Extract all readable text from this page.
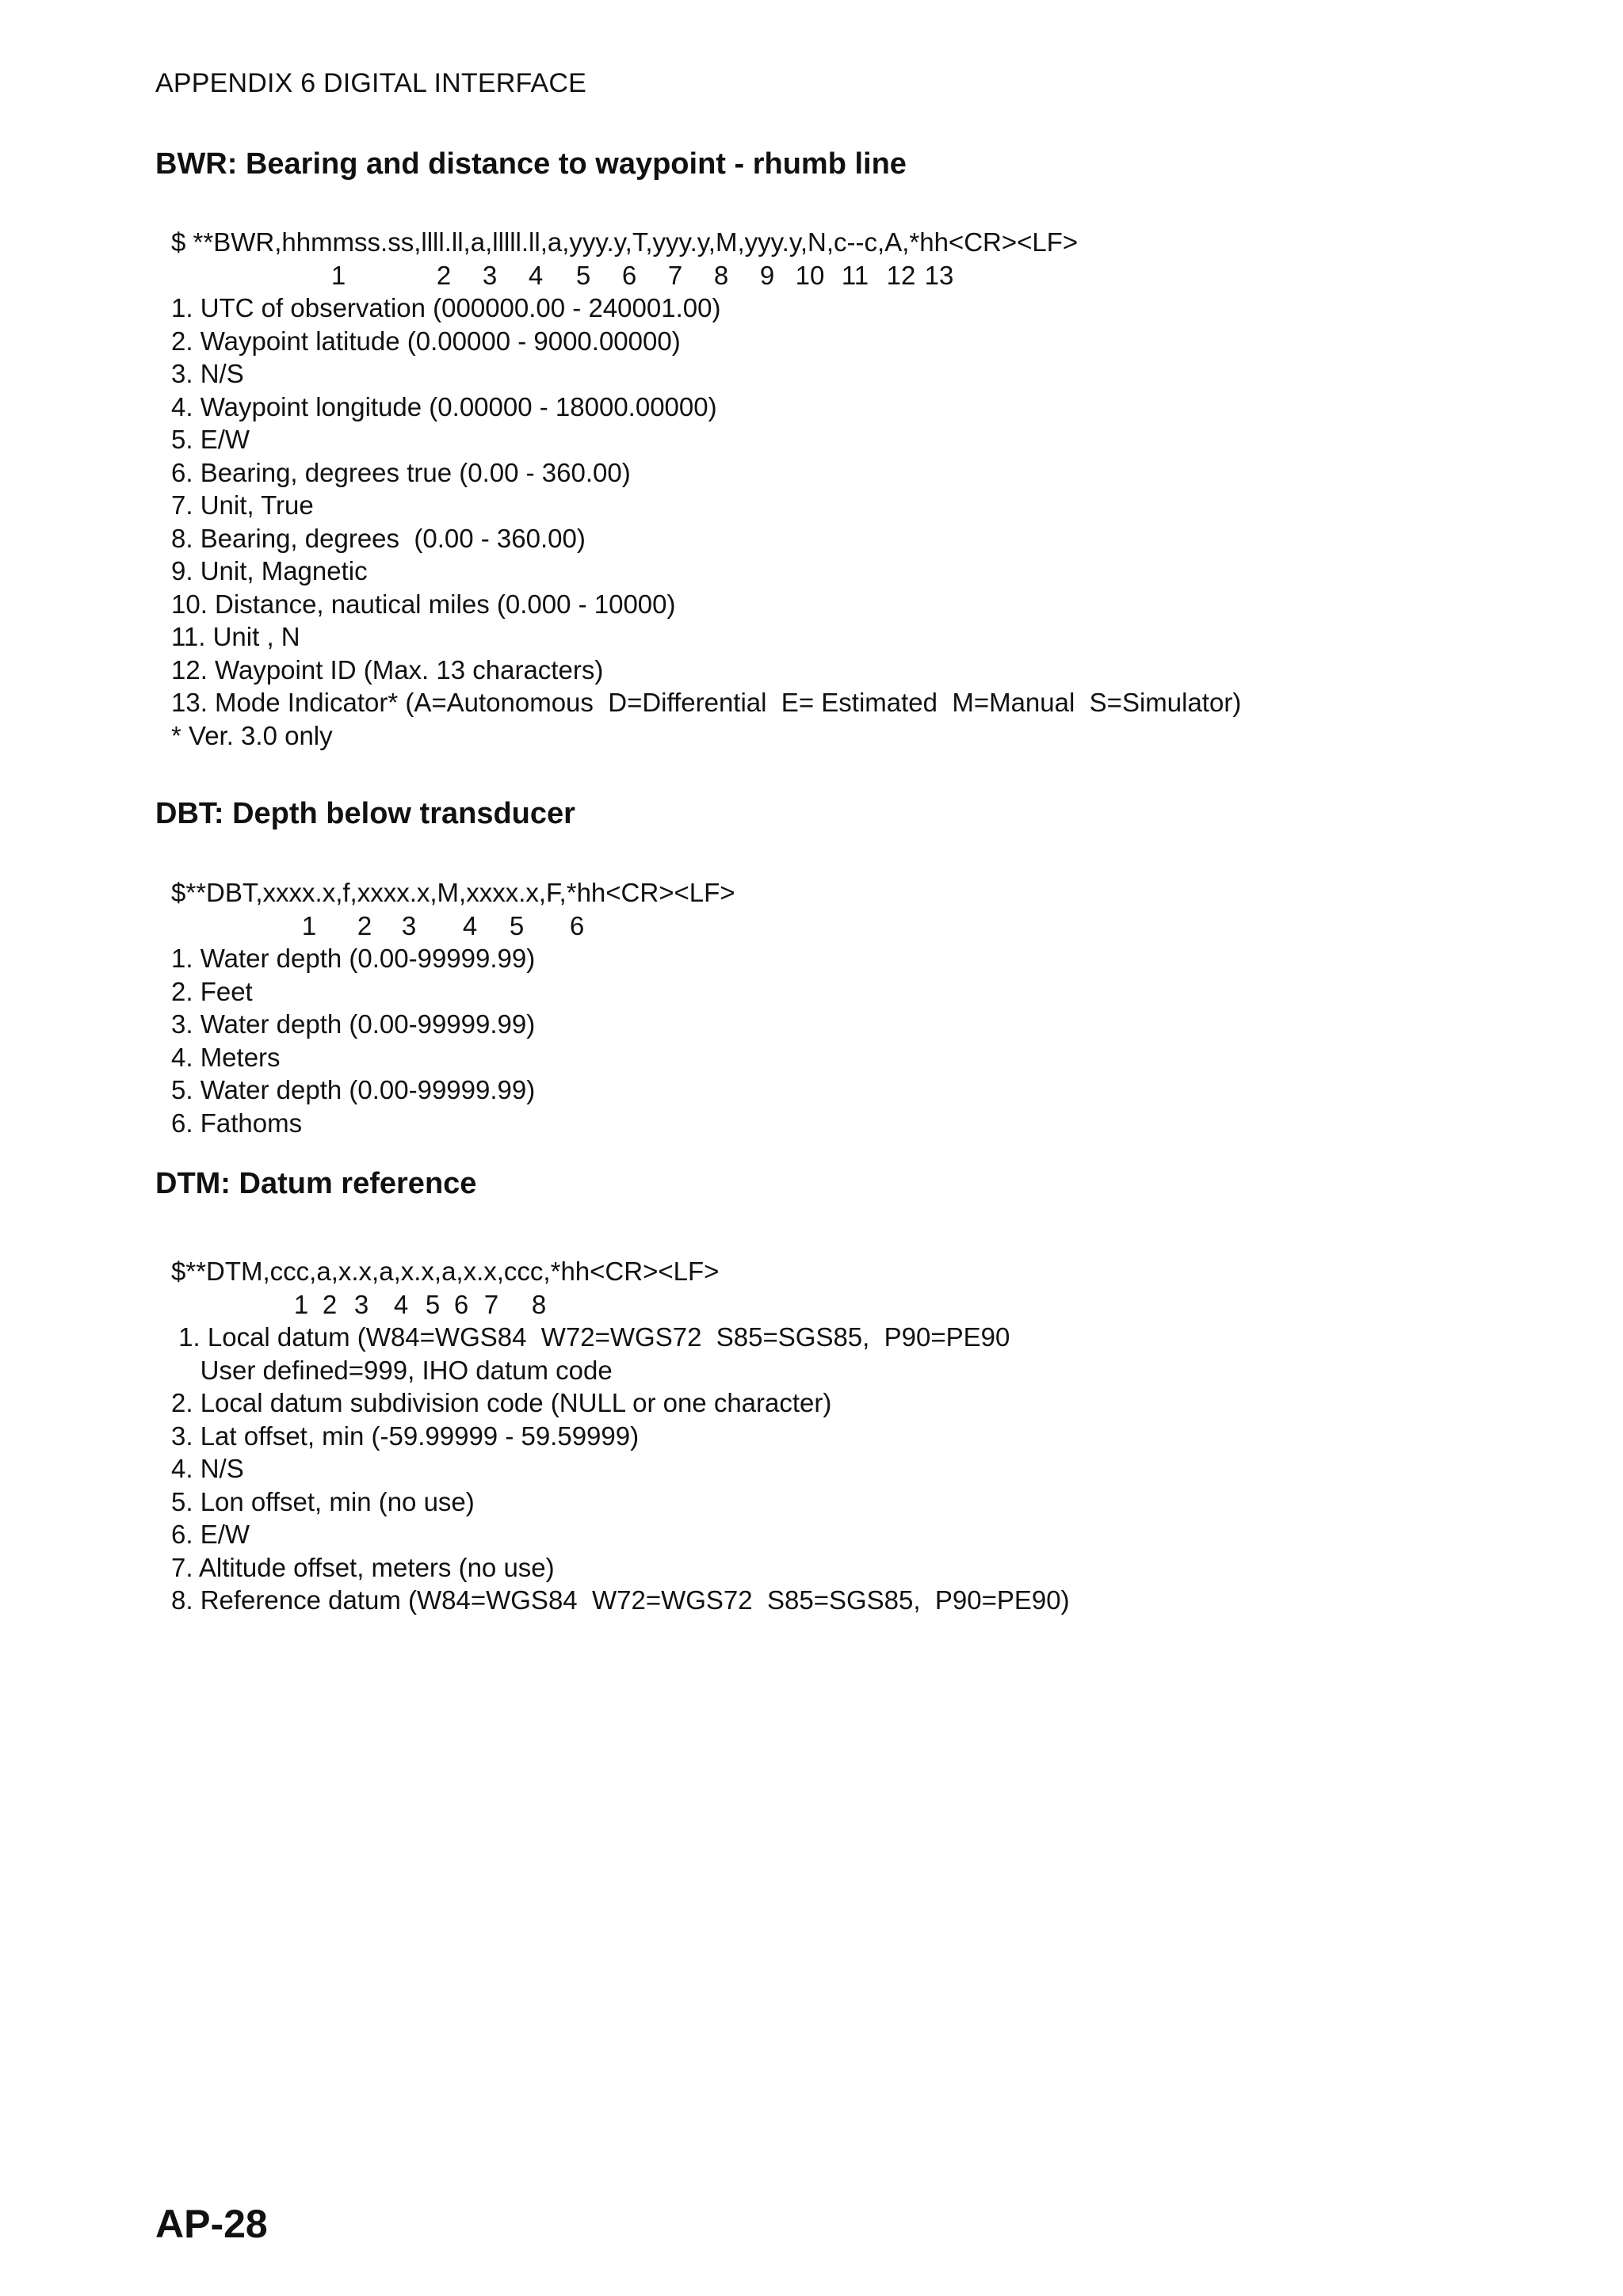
APPENDIX 6 DIGITAL INTERFACE
BWR: Bearing and distance to waypoint - rhumb line
$ **BWR,hhmmss.ss,llll.ll,a,lllll.ll,a,yyy.y,T,yyy.y,M,yyy.y,N,c--c,A,*hh<CR><LF>
1	2 3 4 5 6 7 8 9 10 11 12 13
1. UTC of observation (000000.00 - 240001.00)
2. Waypoint latitude (0.00000 - 9000.00000)
3. N/S
4. Waypoint longitude (0.00000 - 18000.00000)
5. E/W
6. Bearing, degrees true (0.00 - 360.00)
7. Unit, True
8. Bearing, degrees  (0.00 - 360.00)
9. Unit, Magnetic
10. Distance, nautical miles (0.000 - 10000)
11. Unit , N
12. Waypoint ID (Max. 13 characters)
13. Mode Indicator* (A=Autonomous  D=Differential  E= Estimated  M=Manual  S=Simulator)
* Ver. 3.0 only
DBT: Depth below transducer
$**DBT,xxxx.x,f,xxxx.x,M,xxxx.x,F,*hh<CR><LF>
1 2 3 4 5 6
1. Water depth (0.00-99999.99)
2. Feet
3. Water depth (0.00-99999.99)
4. Meters
5. Water depth (0.00-99999.99)
6. Fathoms
DTM: Datum reference
$**DTM,ccc,a,x.x,a,x.x,a,x.x,ccc,*hh<CR><LF>
1 2 3 4 5 6 7 8
1. Local datum (W84=WGS84  W72=WGS72  S85=SGS85,  P90=PE90
User defined=999, IHO datum code
2. Local datum subdivision code (NULL or one character)
3. Lat offset, min (-59.99999 - 59.59999)
4. N/S
5. Lon offset, min (no use)
6. E/W
7. Altitude offset, meters (no use)
8. Reference datum (W84=WGS84  W72=WGS72  S85=SGS85,  P90=PE90)
AP-28
